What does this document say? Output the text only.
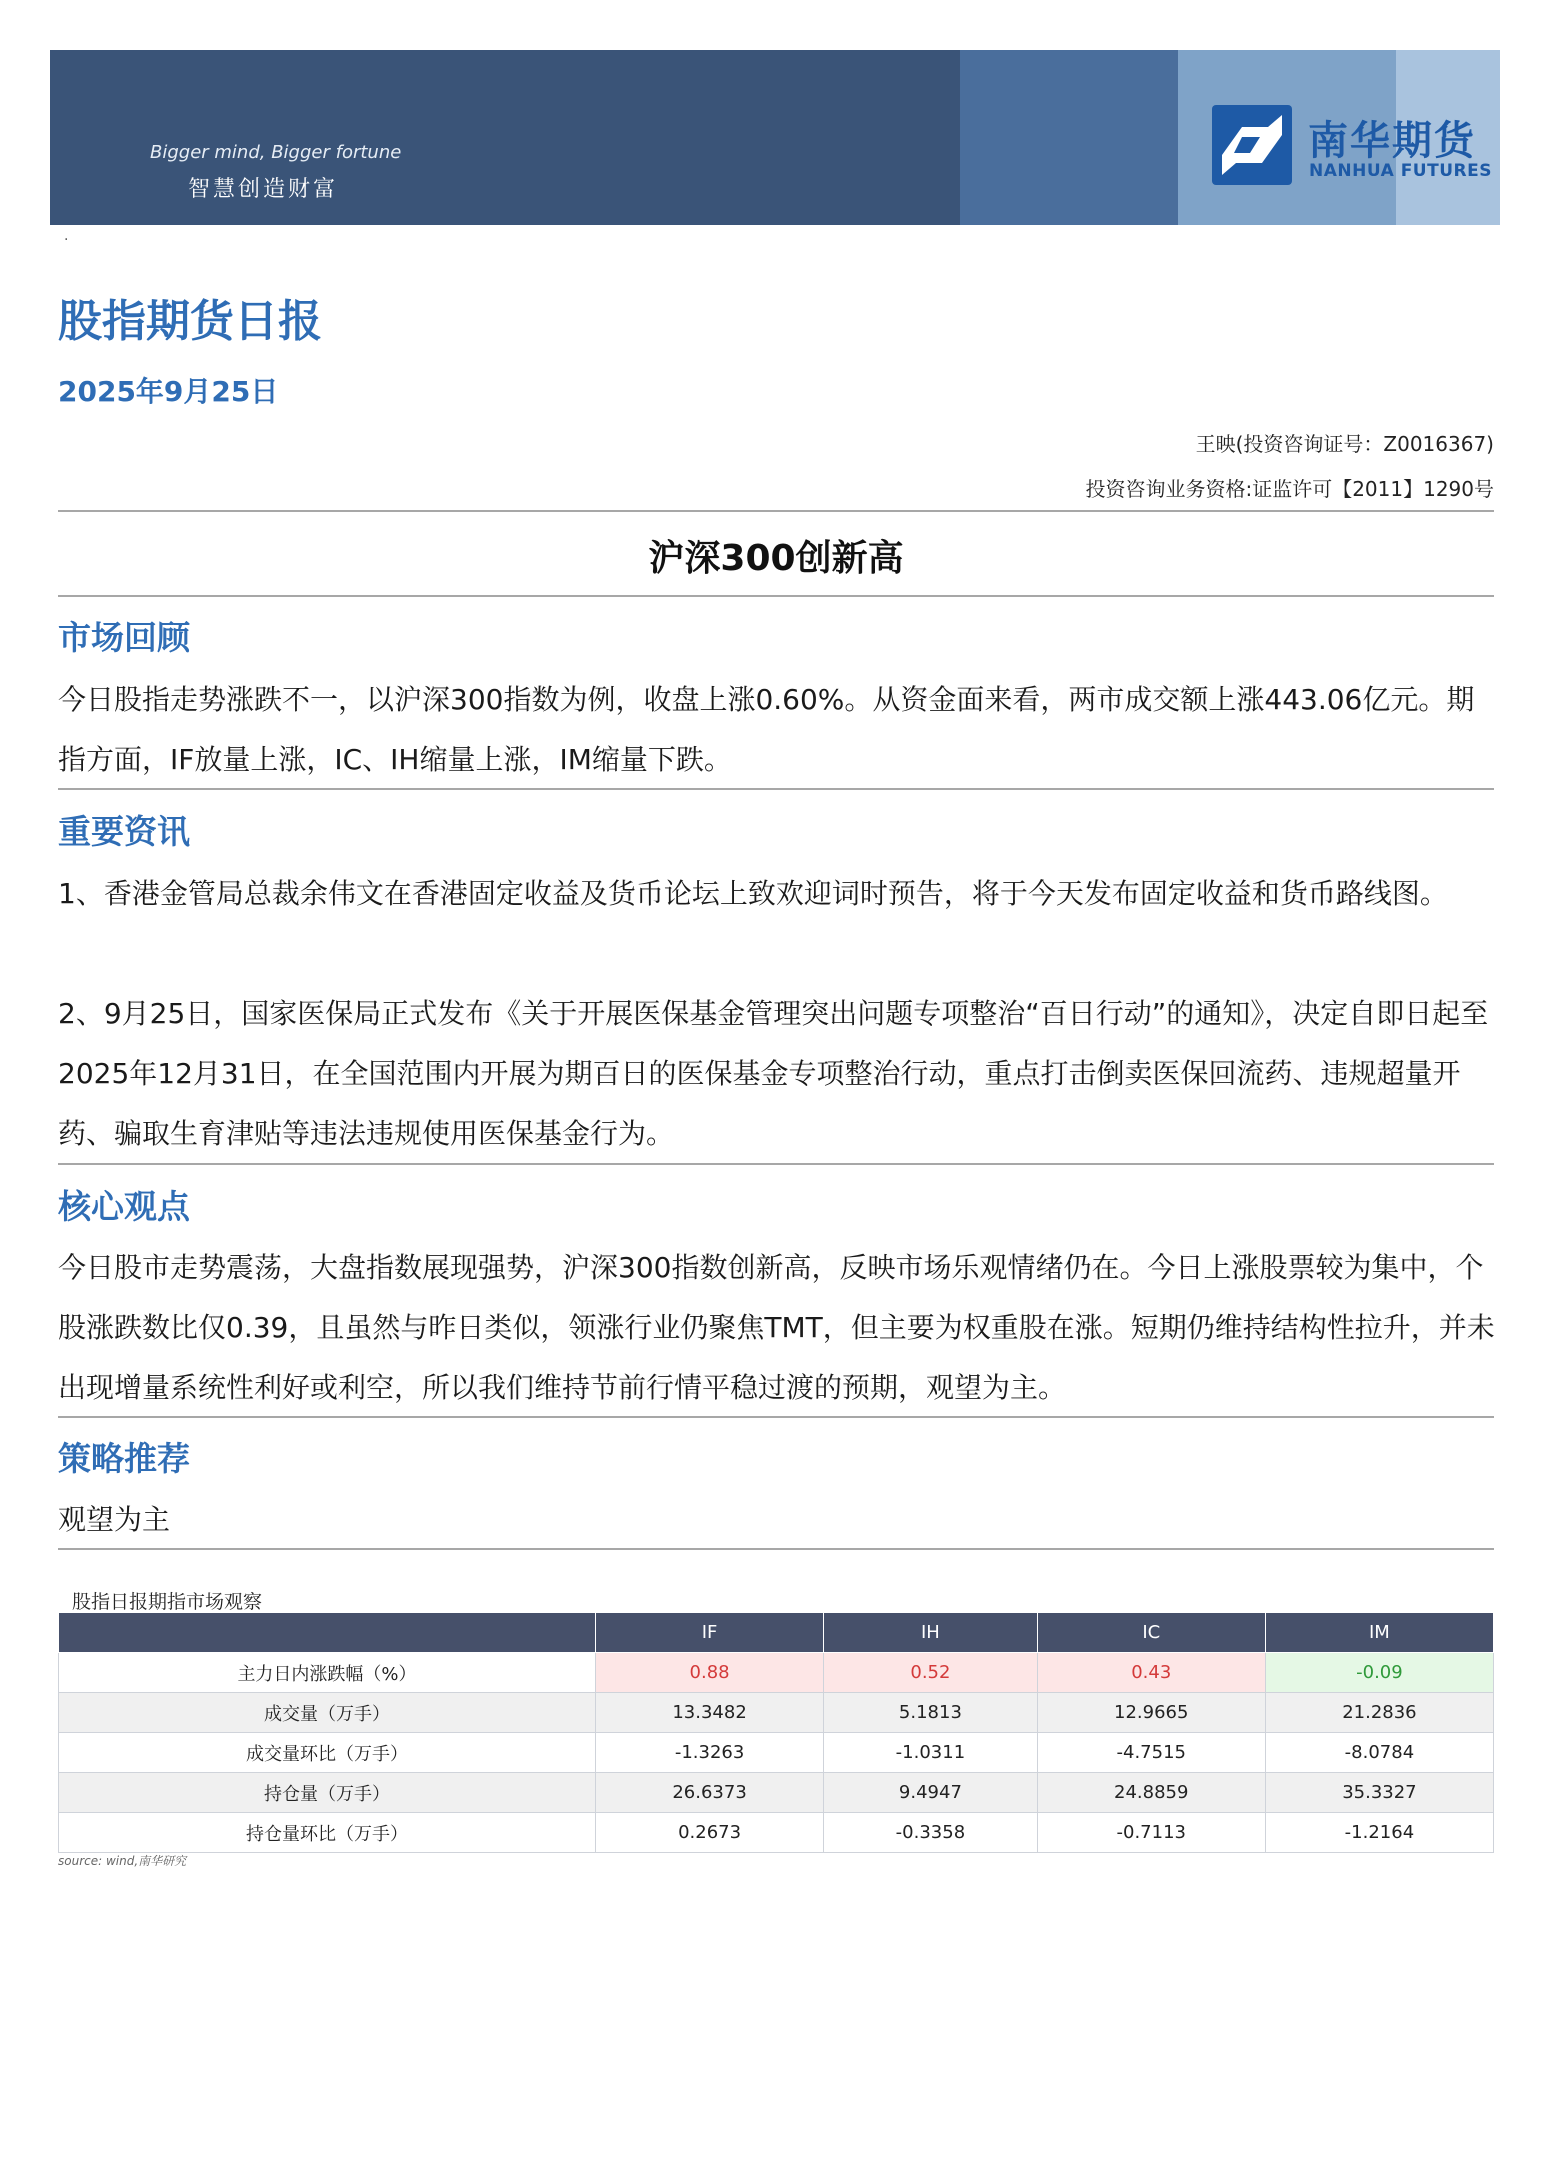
Bigger mind, Bigger fortune
智慧创造财富
南华期货
NANHUA FUTURES
.
股指期货日报
2025年9月25日
王映(投资咨询证号：Z0016367)
投资咨询业务资格:证监许可【2011】1290号
沪深300创新高
市场回顾

今日股指走势涨跌不一，以沪深300指数为例，收盘上涨0.60%。从资金面来看，两市成交额上涨443.06亿元。期指方面，IF放量上涨，IC、IH缩量上涨，IM缩量下跌。

重要资讯

1、香港金管局总裁余伟文在香港固定收益及货币论坛上致欢迎词时预告，将于今天发布固定收益和货币路线图。

2、9月25日，国家医保局正式发布《关于开展医保基金管理突出问题专项整治“百日行动”的通知》，决定自即日起至2025年12月31日，在全国范围内开展为期百日的医保基金专项整治行动，重点打击倒卖医保回流药、违规超量开药、骗取生育津贴等违法违规使用医保基金行为。

核心观点

今日股市走势震荡，大盘指数展现强势，沪深300指数创新高，反映市场乐观情绪仍在。今日上涨股票较为集中，个股涨跌数比仅0.39，且虽然与昨日类似，领涨行业仍聚焦TMT，但主要为权重股在涨。短期仍维持结构性拉升，并未出现增量系统性利好或利空，所以我们维持节前行情平稳过渡的预期，观望为主。

策略推荐

观望为主

股指日报期指市场观察
	IF	IH	IC	IM
主力日内涨跌幅（%）	0.88	0.52	0.43	-0.09
成交量（万手）	13.3482	5.1813	12.9665	21.2836
成交量环比（万手）	-1.3263	-1.0311	-4.7515	-8.0784
持仓量（万手）	26.6373	9.4947	24.8859	35.3327
持仓量环比（万手）	0.2673	-0.3358	-0.7113	-1.2164
source: wind,南华研究
